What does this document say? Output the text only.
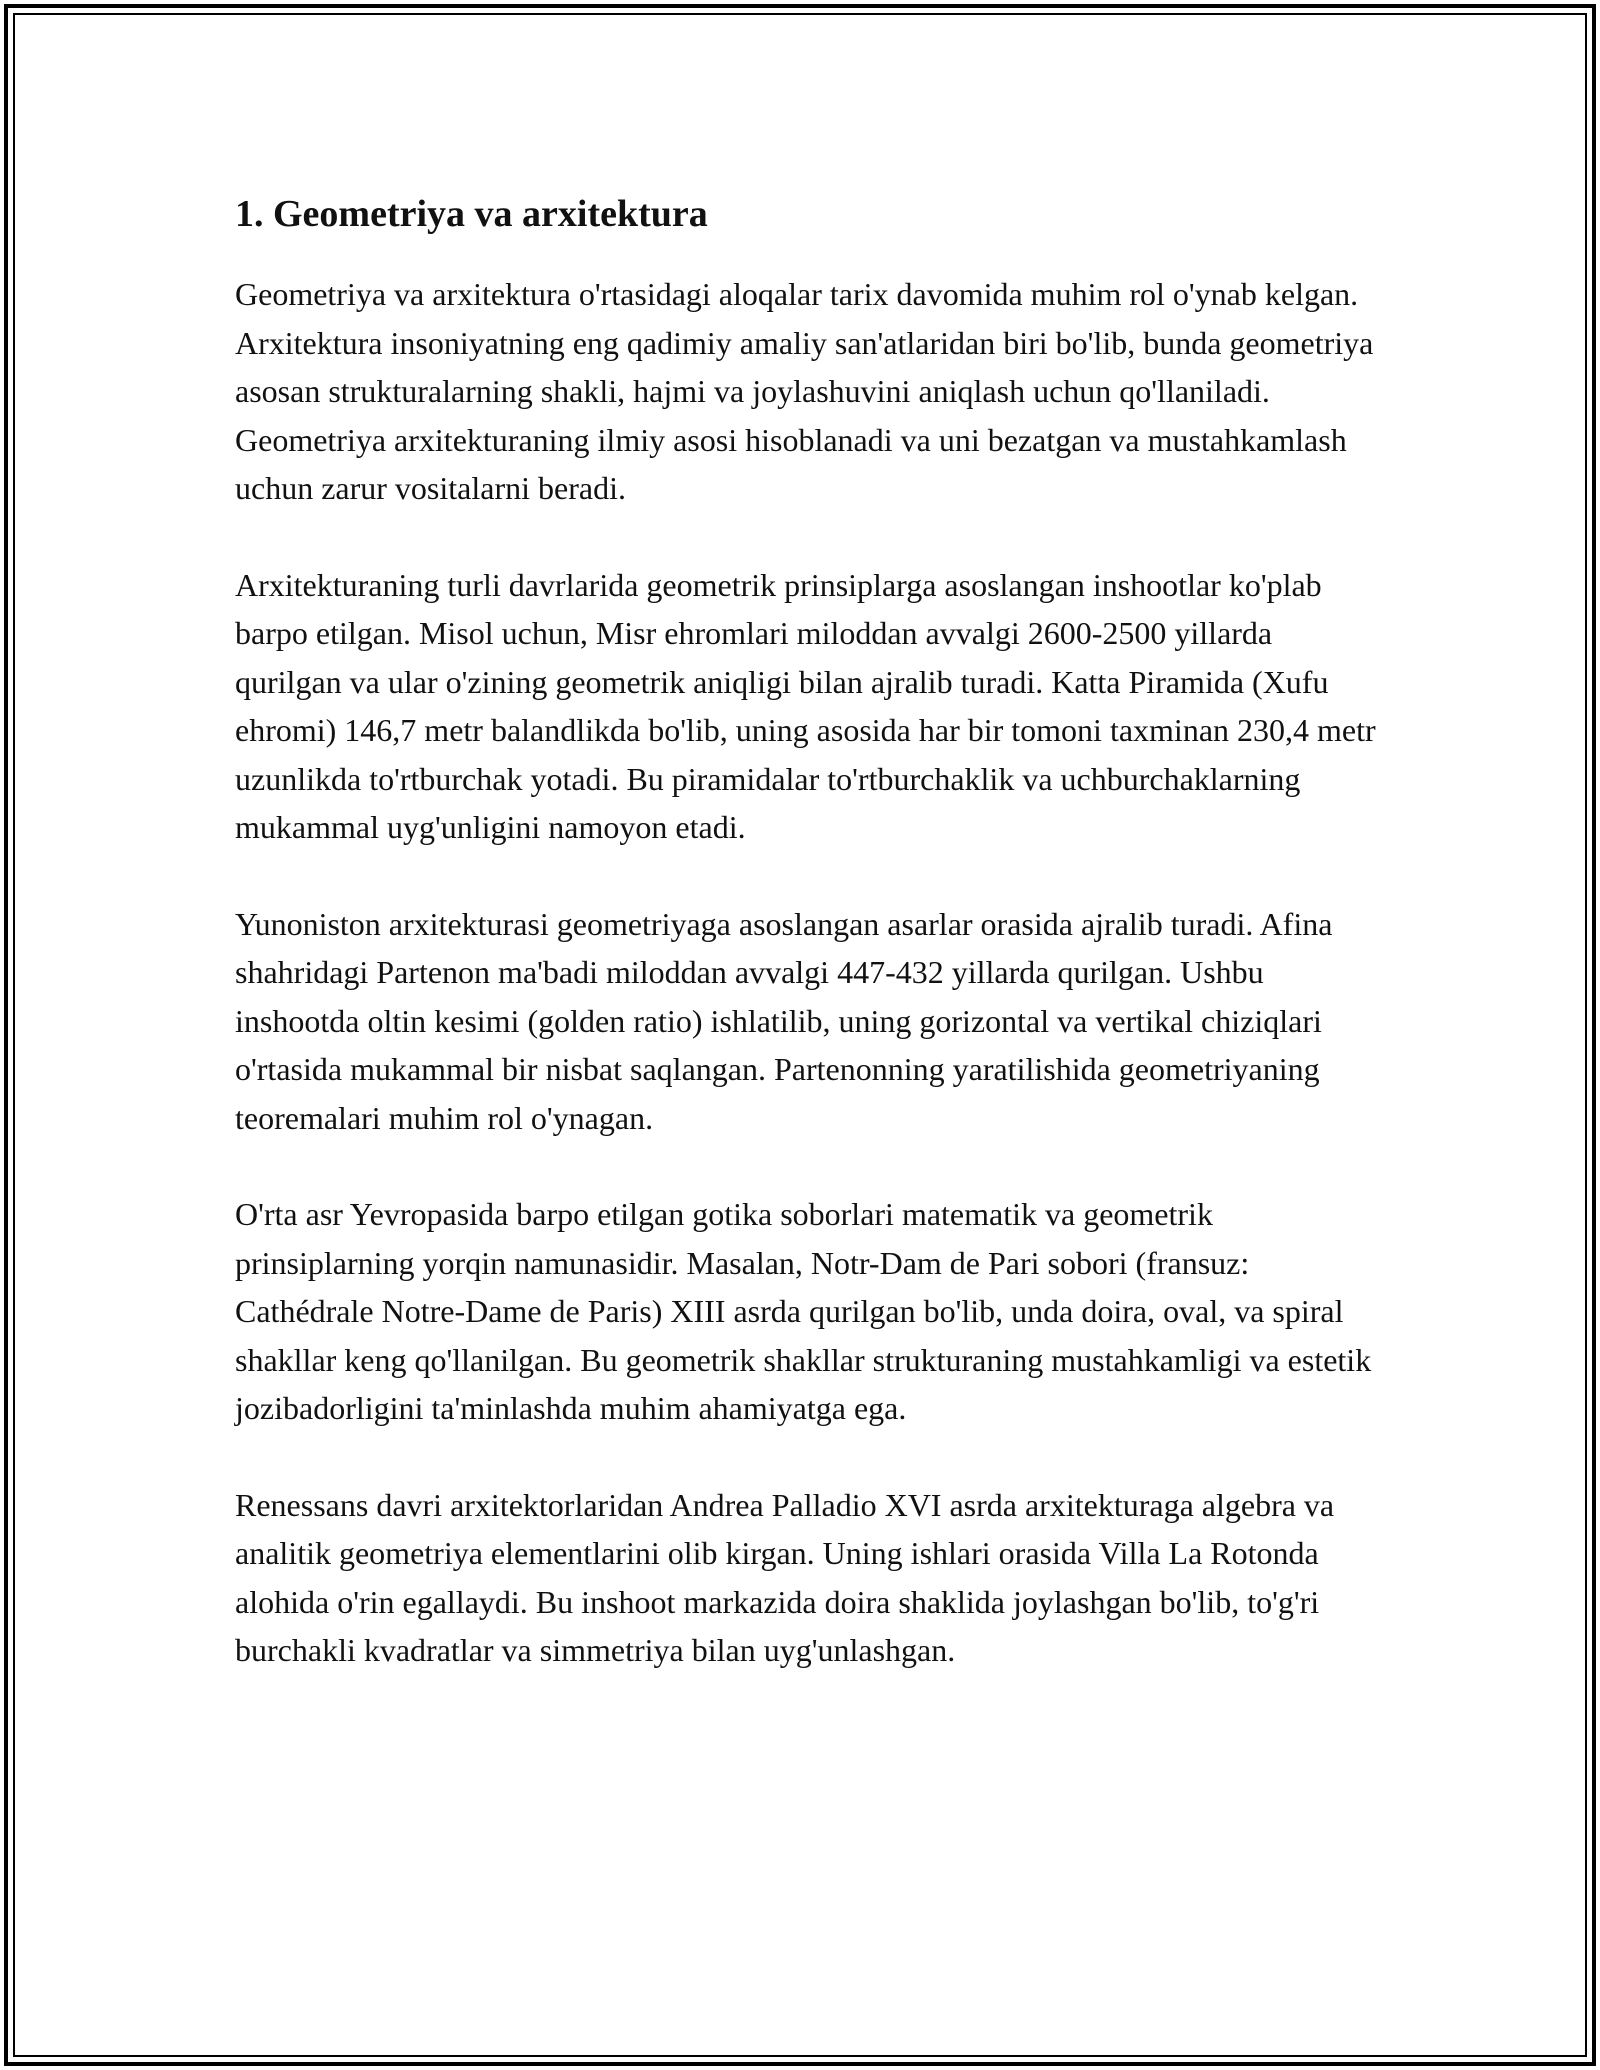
1. Geometriya va arxitektura

Geometriya va arxitektura o'rtasidagi aloqalar tarix davomida muhim rol o'ynab kelgan. Arxitektura insoniyatning eng qadimiy amaliy san'atlaridan biri bo'lib, bunda geometriya asosan strukturalarning shakli, hajmi va joylashuvini aniqlash uchun qo'llaniladi. Geometriya arxitekturaning ilmiy asosi hisoblanadi va uni bezatgan va mustahkamlash uchun zarur vositalarni beradi.

Arxitekturaning turli davrlarida geometrik prinsiplarga asoslangan inshootlar ko'plab barpo etilgan. Misol uchun, Misr ehromlari miloddan avvalgi 2600-2500 yillarda qurilgan va ular o'zining geometrik aniqligi bilan ajralib turadi. Katta Piramida (Xufu ehromi) 146,7 metr balandlikda bo'lib, uning asosida har bir tomoni taxminan 230,4 metr uzunlikda to'rtburchak yotadi. Bu piramidalar to'rtburchaklik va uchburchaklarning mukammal uyg'unligini namoyon etadi.

Yunoniston arxitekturasi geometriyaga asoslangan asarlar orasida ajralib turadi. Afina shahridagi Partenon ma'badi miloddan avvalgi 447-432 yillarda qurilgan. Ushbu inshootda oltin kesimi (golden ratio) ishlatilib, uning gorizontal va vertikal chiziqlari o'rtasida mukammal bir nisbat saqlangan. Partenonning yaratilishida geometriyaning teoremalari muhim rol o'ynagan.

O'rta asr Yevropasida barpo etilgan gotika soborlari matematik va geometrik prinsiplarning yorqin namunasidir. Masalan, Notr-Dam de Pari sobori (fransuz: Cathédrale Notre-Dame de Paris) XIII asrda qurilgan bo'lib, unda doira, oval, va spiral shakllar keng qo'llanilgan. Bu geometrik shakllar strukturaning mustahkamligi va estetik jozibadorligini ta'minlashda muhim ahamiyatga ega.

Renessans davri arxitektorlaridan Andrea Palladio XVI asrda arxitekturaga algebra va analitik geometriya elementlarini olib kirgan. Uning ishlari orasida Villa La Rotonda alohida o'rin egallaydi. Bu inshoot markazida doira shaklida joylashgan bo'lib, to'g'ri burchakli kvadratlar va simmetriya bilan uyg'unlashgan.
